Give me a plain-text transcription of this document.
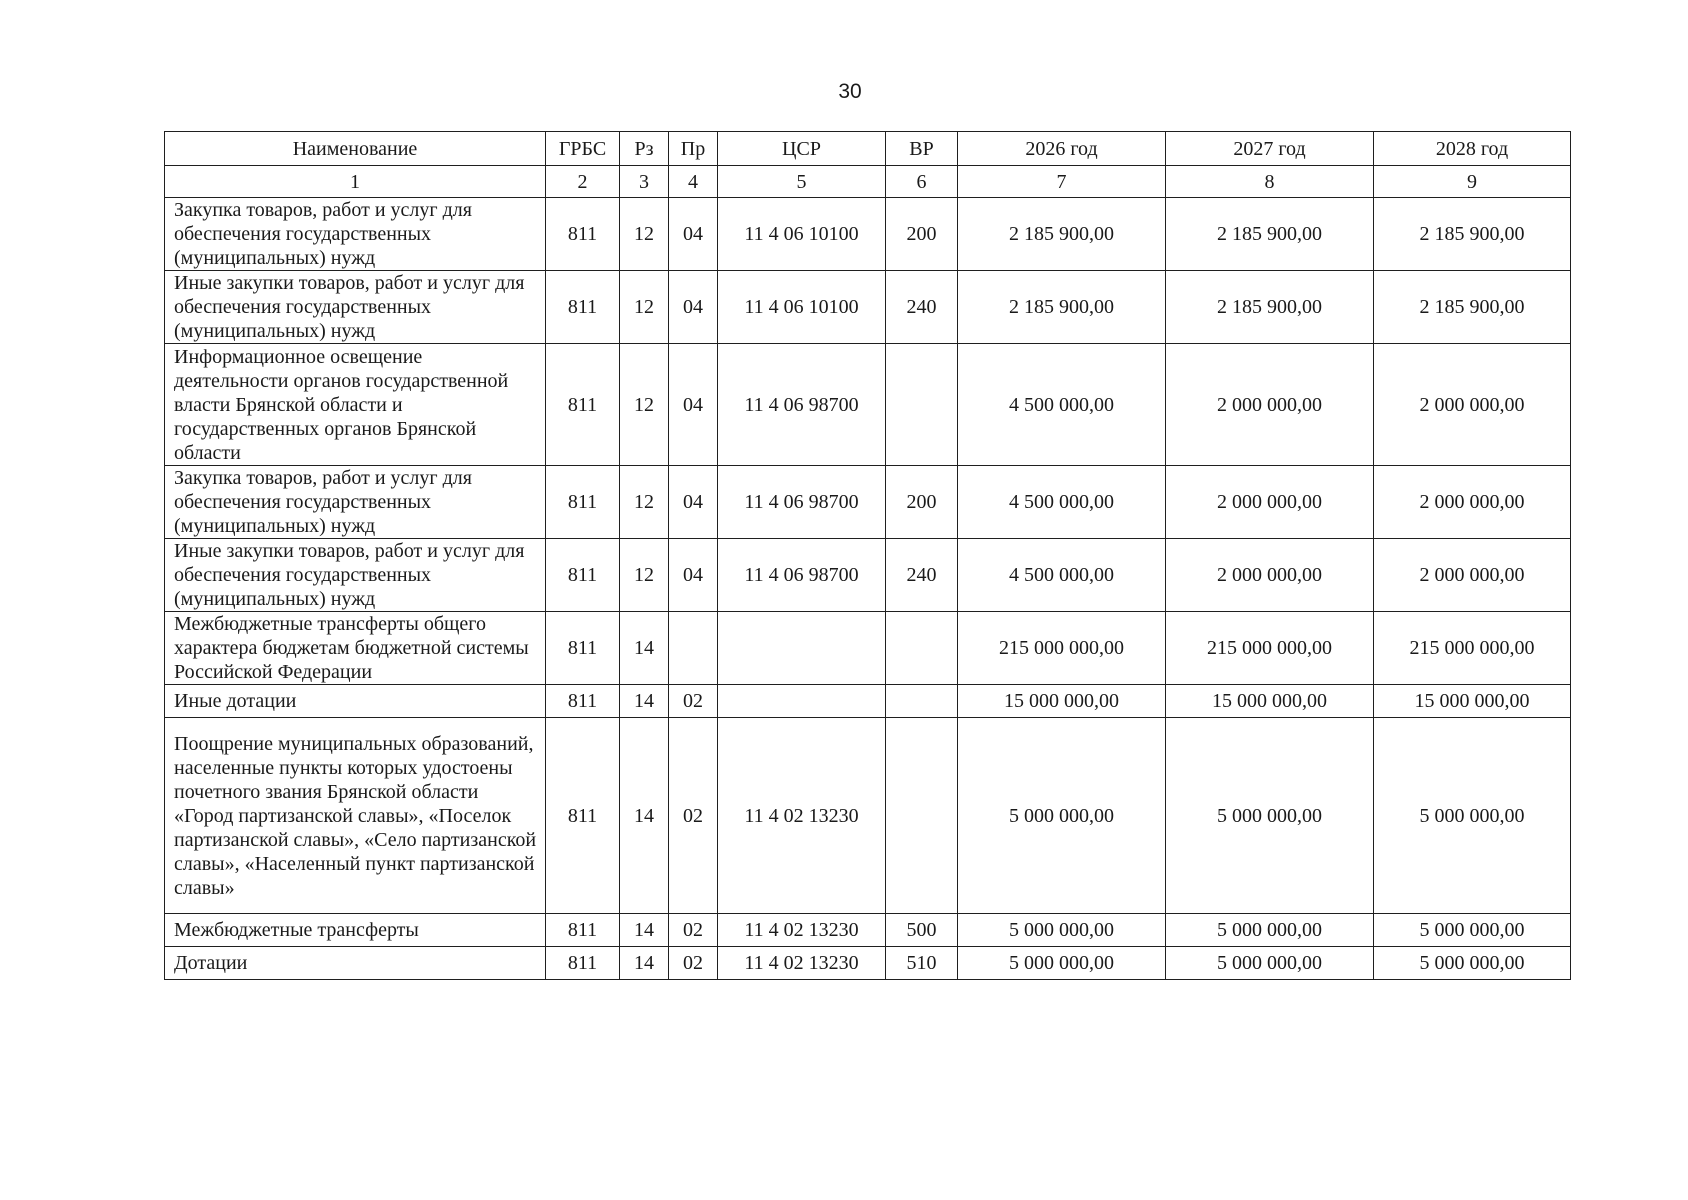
30
Наименование	ГРБС	Рз	Пр	ЦСР	ВР	2026 год	2027 год	2028 год
1	2	3	4	5	6	7	8	9
Закупка товаров, работ и услуг для обеспечения государственных (муниципальных) нужд	811	12	04	11 4 06 10100	200	2 185 900,00	2 185 900,00	2 185 900,00
Иные закупки товаров, работ и услуг для обеспечения государственных (муниципальных) нужд	811	12	04	11 4 06 10100	240	2 185 900,00	2 185 900,00	2 185 900,00
Информационное освещение деятельности органов государственной власти Брянской области и государственных органов Брянской области	811	12	04	11 4 06 98700		4 500 000,00	2 000 000,00	2 000 000,00
Закупка товаров, работ и услуг для обеспечения государственных (муниципальных) нужд	811	12	04	11 4 06 98700	200	4 500 000,00	2 000 000,00	2 000 000,00
Иные закупки товаров, работ и услуг для обеспечения государственных (муниципальных) нужд	811	12	04	11 4 06 98700	240	4 500 000,00	2 000 000,00	2 000 000,00
Межбюджетные трансферты общего характера бюджетам бюджетной системы Российской Федерации	811	14				215 000 000,00	215 000 000,00	215 000 000,00
Иные дотации	811	14	02			15 000 000,00	15 000 000,00	15 000 000,00
Поощрение муниципальных образований, населенные пункты которых удостоены почетного звания Брянской области «Город партизанской славы», «Поселок партизанской славы», «Село партизанской славы», «Населенный пункт партизанской славы»	811	14	02	11 4 02 13230		5 000 000,00	5 000 000,00	5 000 000,00
Межбюджетные трансферты	811	14	02	11 4 02 13230	500	5 000 000,00	5 000 000,00	5 000 000,00
Дотации	811	14	02	11 4 02 13230	510	5 000 000,00	5 000 000,00	5 000 000,00
